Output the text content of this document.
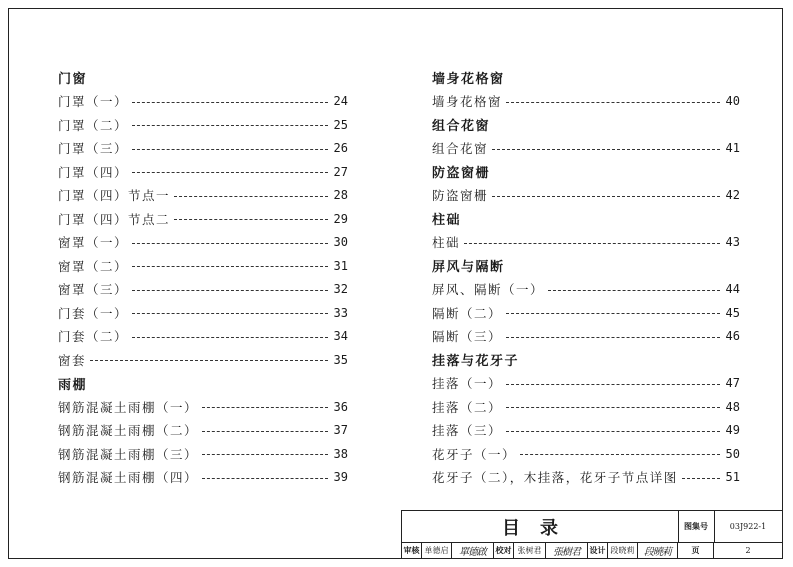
门窗
门罩（一）	24
门罩（二）	25
门罩（三）	26
门罩（四）	27
门罩（四）节点一	28
门罩（四）节点二	29
窗罩（一）	30
窗罩（二）	31
窗罩（三）	32
门套（一）	33
门套（二）	34
窗套	35
雨棚
钢筋混凝土雨棚（一）	36
钢筋混凝土雨棚（二）	37
钢筋混凝土雨棚（三）	38
钢筋混凝土雨棚（四）	39
墙身花格窗
墙身花格窗	40
组合花窗
组合花窗	41
防盗窗栅
防盗窗栅	42
柱础
柱础	43
屏风与隔断
屏风、隔断（一）	44
隔断（二）	45
隔断（三）	46
挂落与花牙子
挂落（一）	47
挂落（二）	48
挂落（三）	49
花牙子（一）	50
花牙子（二），木挂落，花牙子节点详图	51
目录	图集号	03J922-1
审核 单德启	單德啟	校对 张树君	張樹君	设计 段晓莉 段曉莉	页	2
